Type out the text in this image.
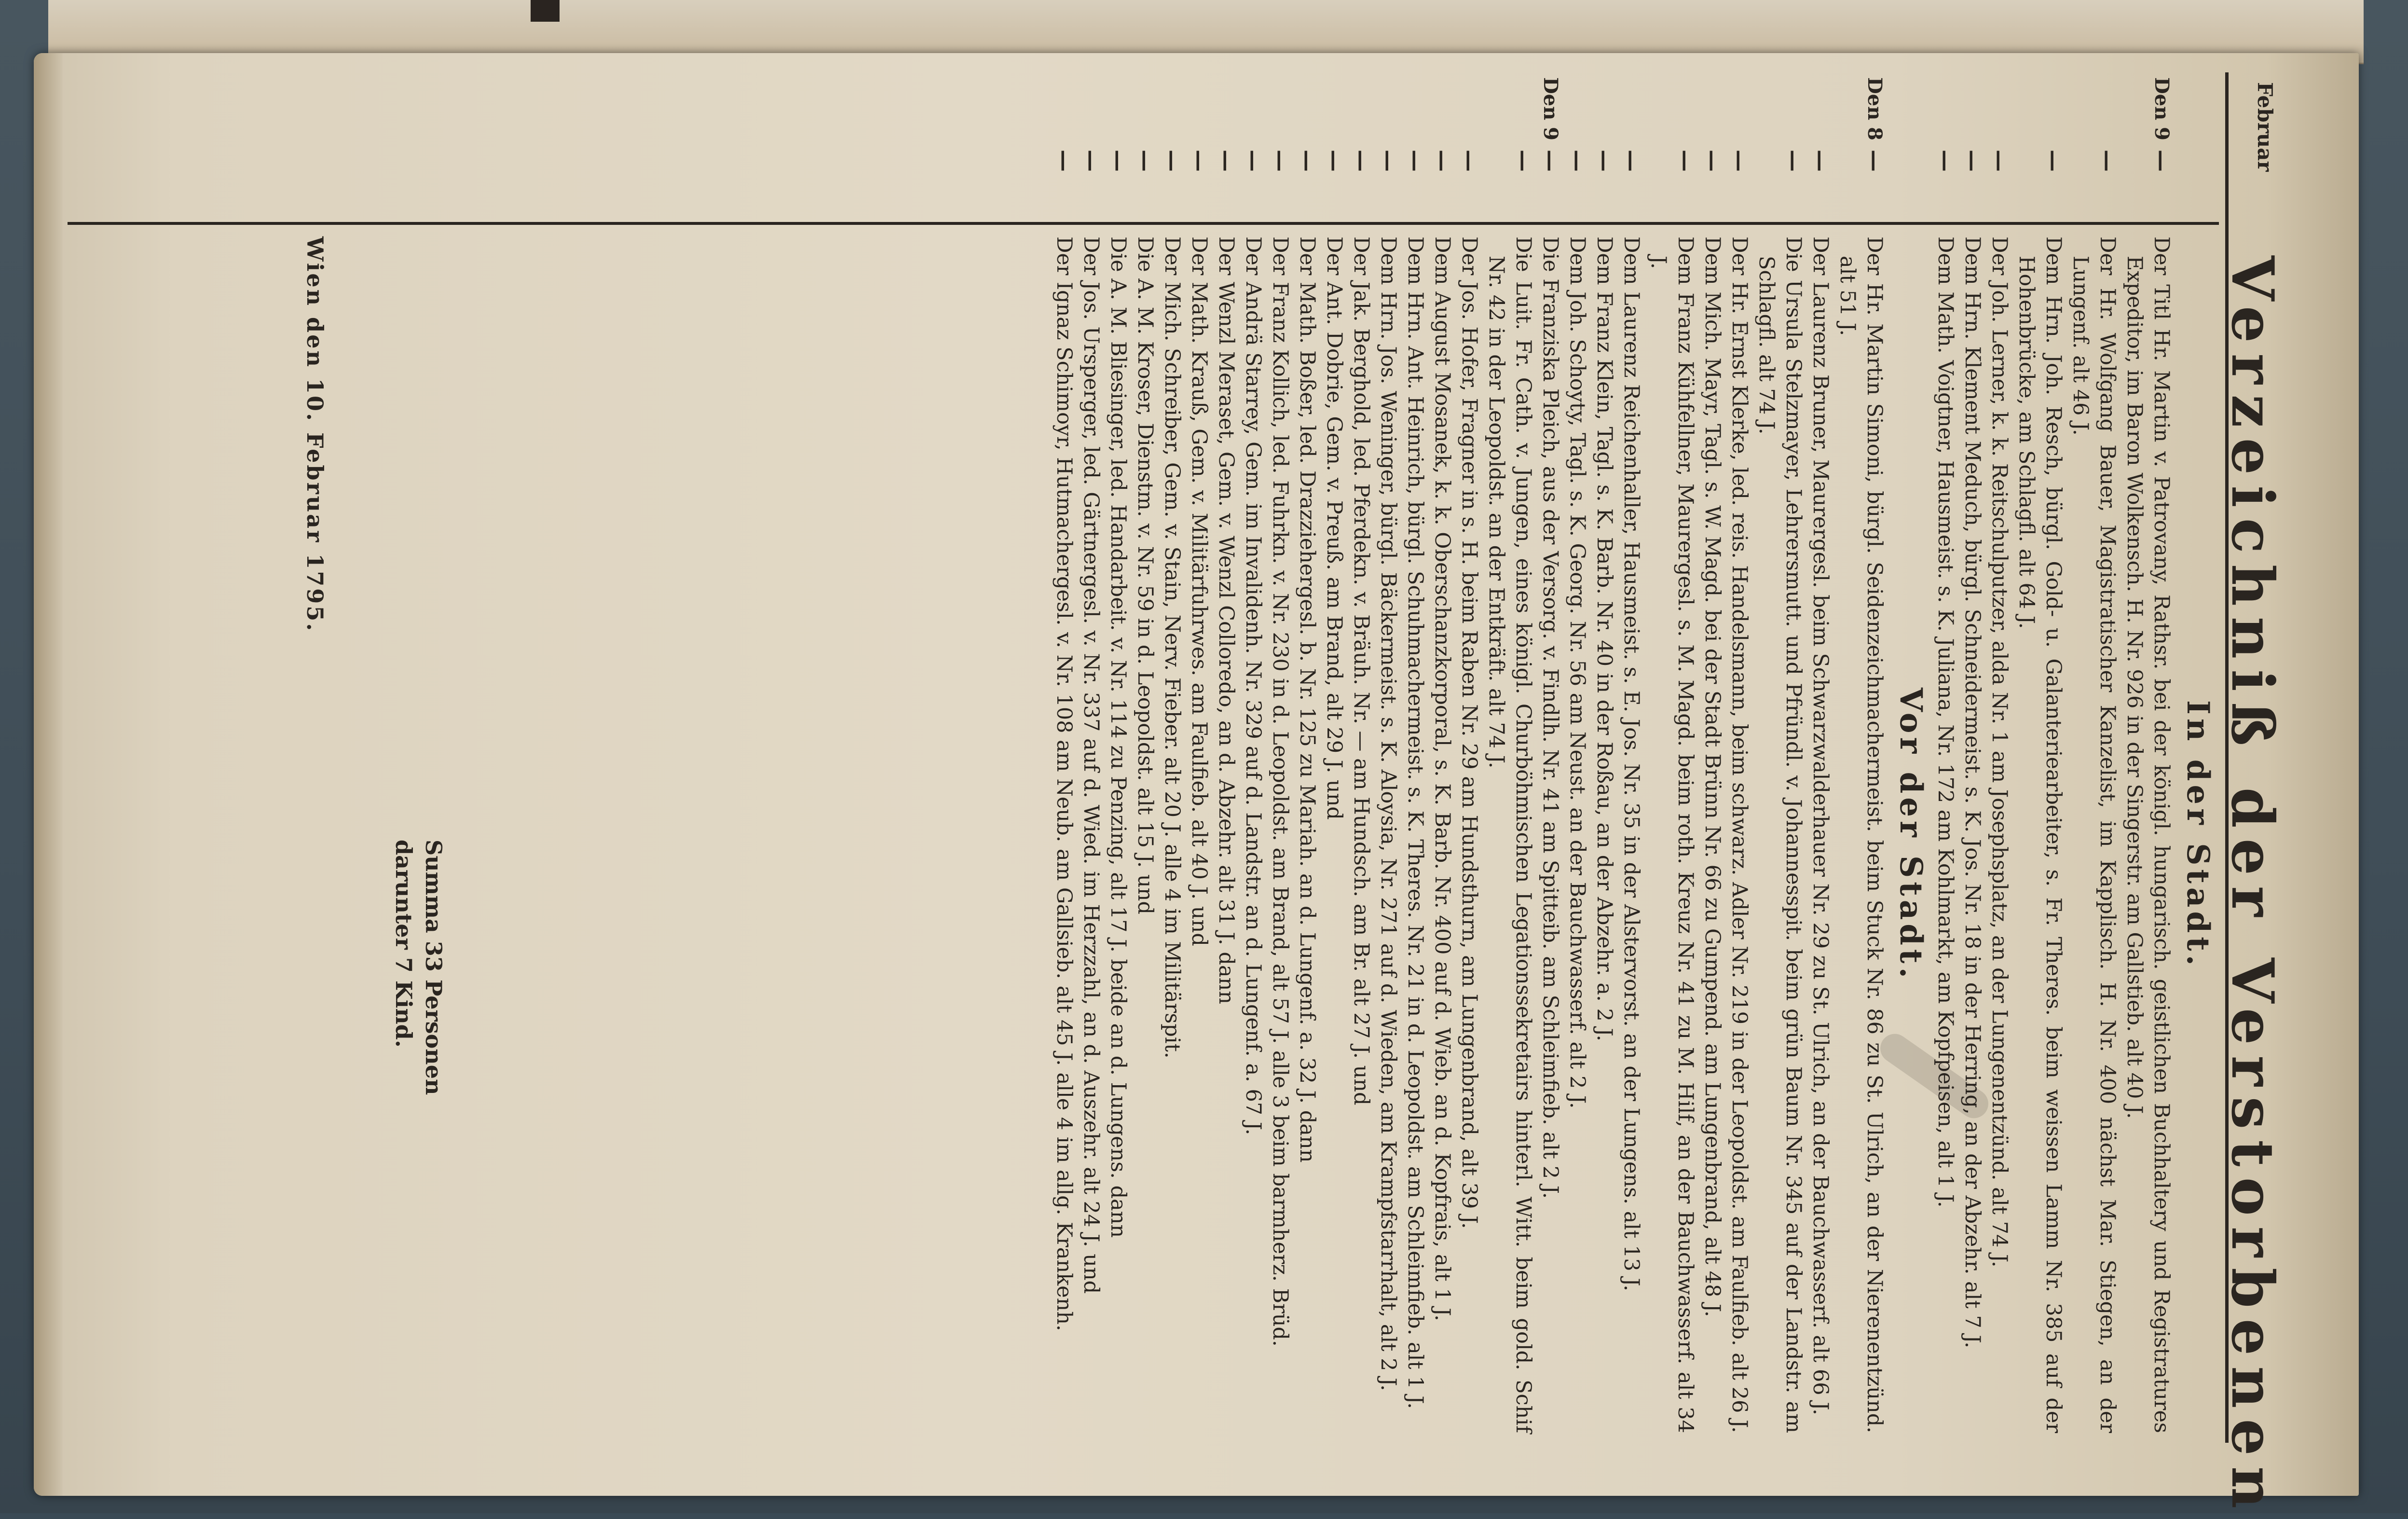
Februar
Verzeichniß der Verstorbenen
—
Den 9
—
—
—
—
—
—
Den 8
—
—
—
—
—
—
—
—
—
Den 9
—
—
—
—
—
—
—
—
—
—
—
—
—
—
—
—
—
In der Stadt.
Der Titl Hr. Martin v. Patrovany, Rathsr. bei der königl. hungarisch. geistlichen Buchhaltery und Registratures Expeditor, im Baron Wolkensch. H. Nr. 926 in der Singerstr. am Gallstieb. alt 40 J.
Der Hr. Wolfgang Bauer, Magistratischer Kanzelist, im Kapplisch. H. Nr. 400 nächst Mar. Stiegen, an der Lungenf. alt 46 J.
Dem Hrn. Joh. Resch, bürgl. Gold- u. Galanteriearbeiter, s. Fr. Theres. beim weissen Lamm Nr. 385 auf der Hohenbrücke, am Schlagfl. alt 64 J.
Der Joh. Lerner, k. k. Reitschulputzer, alda Nr. 1 am Josephsplatz, an der Lungenentzünd. alt 74 J.
Dem Hrn. Klement Meduch, bürgl. Schneidermeist. s. K. Jos. Nr. 18 in der Herring, an der Abzehr. alt 7 J.
Dem Math. Voigtner, Hausmeist. s. K. Juliana, Nr. 172 am Kohlmarkt, am Kopfpeisen, alt 1 J.
Vor der Stadt.
Der Hr. Martin Simoni, bürgl. Seidenzeichmachermeist. beim Stuck Nr. 86 zu St. Ulrich, an der Nierenentzünd. alt 51 J.
Der Laurenz Bruner, Maurergesl. beim Schwarzwalderhauer Nr. 29 zu St. Ulrich, an der Bauchwasserf. alt 66 J.
Die Ursula Stelzmayer, Lehrersmutt. und Pfründl. v. Johannesspit. beim grün Baum Nr. 345 auf der Landstr. am Schlagfl. alt 74 J.
Der Hr. Ernst Klerke, led. reis. Handelsmann, beim schwarz. Adler Nr. 219 in der Leopoldst. am Faulfieb. alt 26 J.
Dem Mich. Mayr, Tagl. s. W. Magd. bei der Stadt Brünn Nr. 66 zu Gumpend. am Lungenbrand, alt 48 J.
Dem Franz Kühfellner, Maurergesl. s. M. Magd. beim roth. Kreuz Nr. 41 zu M. Hilf, an der Bauchwasserf. alt 34 J.
Dem Laurenz Reichenhaller, Hausmeist. s. E. Jos. Nr. 35 in der Alstervorst. an der Lungens. alt 13 J.
Dem Franz Klein, Tagl. s. K. Barb. Nr. 40 in der Roßau, an der Abzehr. a. 2 J.
Dem Joh. Schoyty, Tagl. s. K. Georg. Nr. 56 am Neust. an der Bauchwasserf. alt 2 J.
Die Franziska Pleich, aus der Versorg. v. Findlh. Nr. 41 am Spitteib. am Schleimfieb. alt 2 J.
Die Luit. Fr. Cath. v. Jungen, eines königl. Churböhmischen Legationssekretairs hinterl. Witt. beim gold. Schif Nr. 42 in der Leopoldst. an der Entkräft. alt 74 J.
Der Jos. Hofer, Fragner in s. H. beim Raben Nr. 29 am Hundsthurn, am Lungenbrand, alt 39 J.
Dem August Mosanek, k. k. Oberschanzkorporal, s. K. Barb. Nr. 400 auf d. Wieb. an d. Kopfrais, alt 1 J.
Dem Hrn. Ant. Heinrich, bürgl. Schuhmachermeist. s. K. Theres. Nr. 21 in d. Leopoldst. am Schleimfieb. alt 1 J.
Dem Hrn. Jos. Weninger, bürgl. Bäckermeist. s. K. Aloysia, Nr. 271 auf d. Wieden, am Krampfstarrhalt, alt 2 J.
Der Jak. Berghold, led. Pferdekn. v. Bräuh. Nr. — am Hundsch. am Br. alt 27 J. und
Der Ant. Dobrie, Gem. v. Preuß. am Brand, alt 29 J. und
Der Math. Boßer, led. Drazziehergesl. b. Nr. 125 zu Mariah. an d. Lungenf. a. 32 J. dann
Der Franz Kollich, led. Fuhrkn. v. Nr. 230 in d. Leopoldst. am Brand, alt 57 J. alle 3 beim barmherz. Brüd.
Der Andrä Starrey, Gem. im Invalidenh. Nr. 329 auf d. Landstr. an d. Lungenf. a. 67 J.
Der Wenzl Meraset, Gem. v. Wenzl Colloredo, an d. Abzehr. alt 31 J. dann
Der Math. Krauß, Gem. v. Militärfuhrwes. am Faulfieb. alt 40 J. und
Der Mich. Schreiber, Gem. v. Stain, Nerv. Fieber. alt 20 J. alle 4 im Militärspit.
Die A. M. Kroser, Dienstm. v. Nr. 59 in d. Leopoldst. alt 15 J. und
Die A. M. Bliesinger, led. Handarbeit. v. Nr. 114 zu Penzing, alt 17 J. beide an d. Lungens. dann
Der Jos. Ursperger, led. Gärtnergesl. v. Nr. 337 auf d. Wied. im Herzzahl, an d. Auszehr. alt 24 J. und
Der Ignaz Schimoyr, Hutmachergesl. v. Nr. 108 am Neub. am Gallsieb. alt 45 J. alle 4 im allg. Krankenh.
Summa 33 Personen
darunter 7 Kind.
Wien den 10. Februar 1795.
